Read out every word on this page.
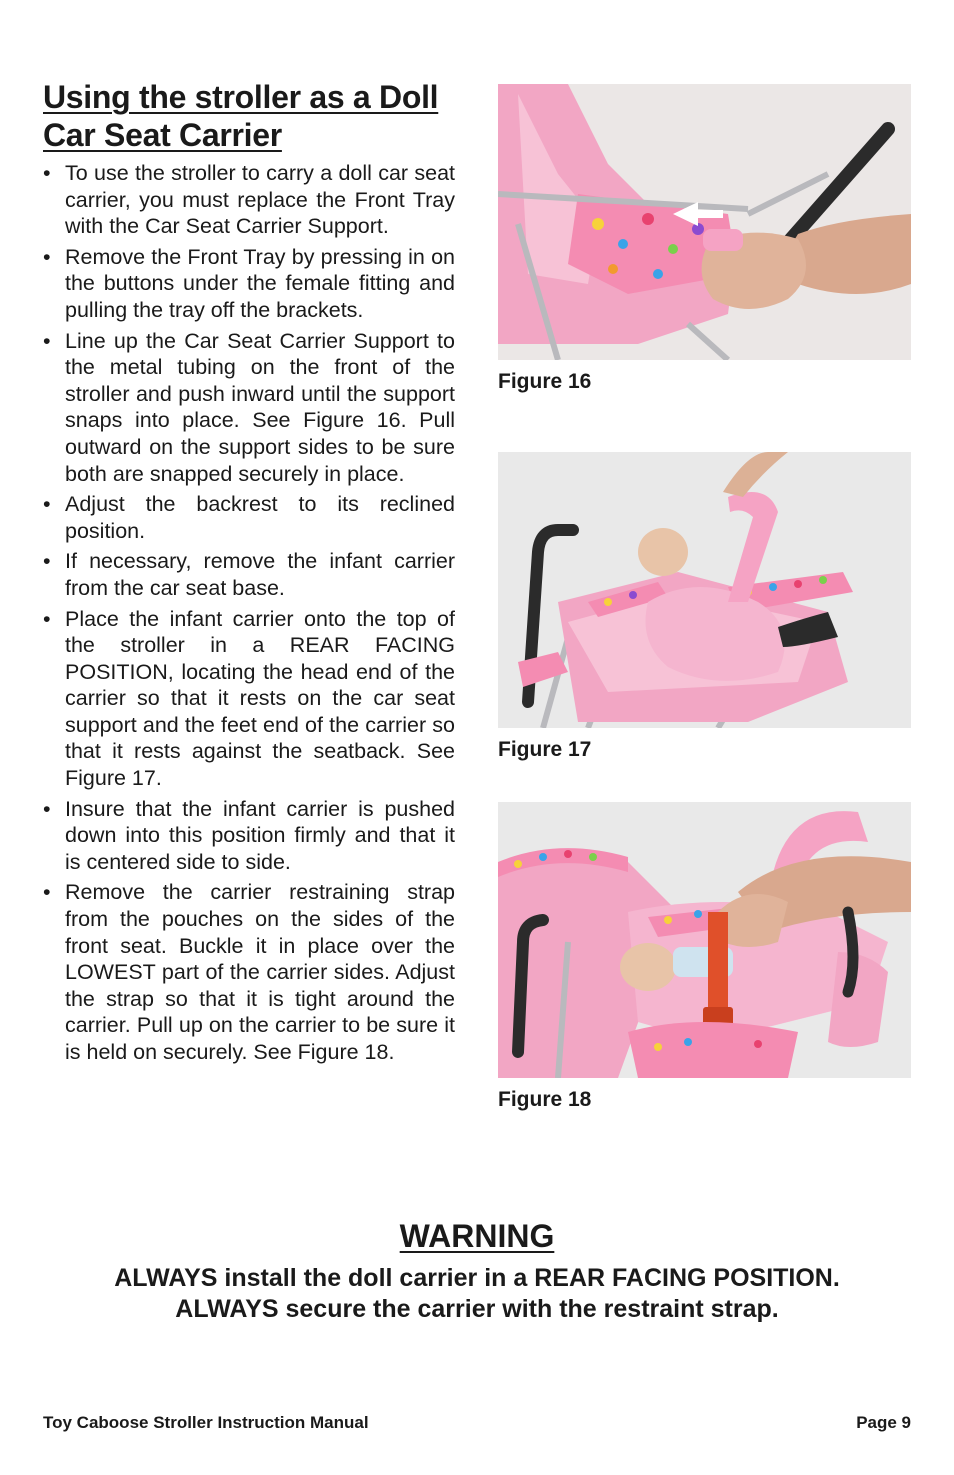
Using the stroller as a Doll Car Seat Carrier
• To use the stroller to carry a doll car seat carrier, you must replace the Front Tray with the Car Seat Carrier Support.
• Remove the Front Tray by pressing in on the buttons under the female fitting and pulling the tray off the brackets.
• Line up the Car Seat Carrier Support to the metal tubing on the front of the stroller and push inward until the support snaps into place. See Figure 16. Pull outward on the support sides to be sure both are snapped securely in place.
• Adjust the backrest to its reclined position.
• If necessary, remove the infant carrier from the car seat base.
• Place the infant carrier onto the top of the stroller in a REAR FACING POSITION, locating the head end of the carrier so that it rests on the car seat support and the feet end of the carrier so that it rests against the seatback. See Figure 17.
• Insure that the infant carrier is pushed down into this position firmly and that it is centered side to side.
• Remove the carrier restraining strap from the pouches on the sides of the front seat. Buckle it in place over the LOWEST part of the carrier sides. Adjust the strap so that it is tight around the carrier. Pull up on the carrier to be sure it is held on securely. See Figure 18.
Figure 16
Figure 17
Figure 18
WARNING
ALWAYS install the doll carrier in a REAR FACING POSITION.
ALWAYS secure the carrier with the restraint strap.
Toy Caboose Stroller Instruction Manual	Page 9
